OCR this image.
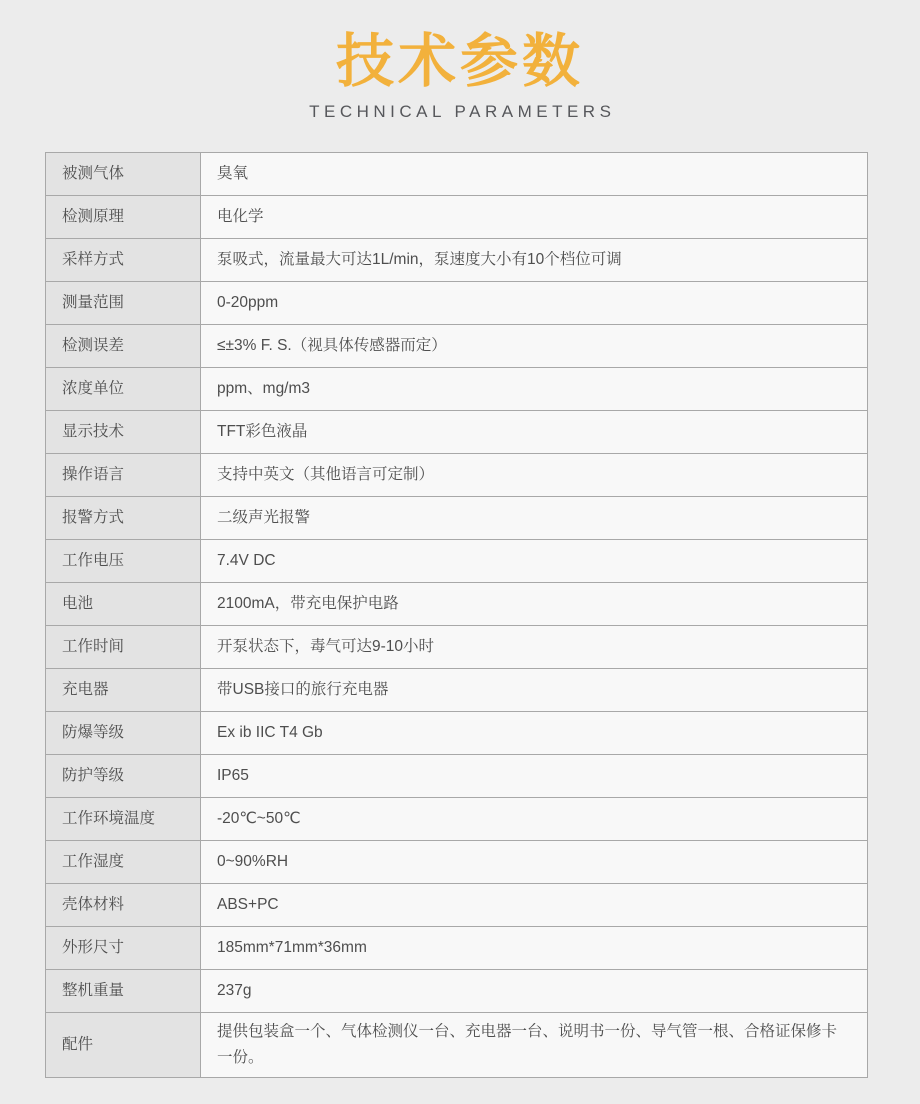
技术参数
TECHNICAL PARAMETERS
被测气体	臭氧
检测原理	电化学
采样方式	泵吸式，流量最大可达1L/min，泵速度大小有10个档位可调
测量范围	0-20ppm
检测误差	≤±3% F. S.（视具体传感器而定）
浓度单位	ppm、mg/m3
显示技术	TFT彩色液晶
操作语言	支持中英文（其他语言可定制）
报警方式	二级声光报警
工作电压	7.4V DC
电池	2100mA，带充电保护电路
工作时间	开泵状态下，毒气可达9-10小时
充电器	带USB接口的旅行充电器
防爆等级	Ex ib IIC T4 Gb
防护等级	IP65
工作环境温度	-20℃~50℃
工作湿度	0~90%RH
壳体材料	ABS+PC
外形尺寸	185mm*71mm*36mm
整机重量	237g
配件	提供包装盒一个、气体检测仪一台、充电器一台、说明书一份、导气管一根、合格证保修卡一份。
